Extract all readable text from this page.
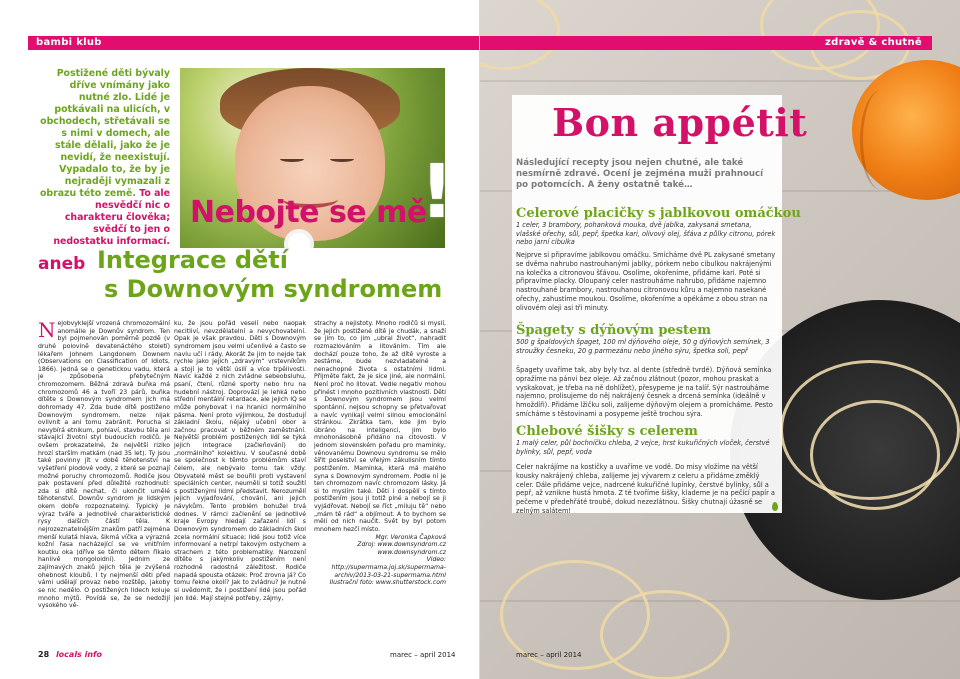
bambi klub
Postižené děti bývaly dříve vnímány jako nutné zlo. Lidé je potkávali na ulicích, v obchodech, střetávali se s nimi v domech, ale stále dělali, jako že je nevidí, že neexistují. Vypadalo to, že by je nejraději vymazali z obrazu této země. To ale nesvědčí nic o charakteru člověka; svědčí to jen o nedostatku informací.
!
Nebojte se mě
aneb Integrace dětí
s Downovým syndromem
N ejobvyklejší vrozená chromozomální anomálie je Downův syndrom. Ten byl pojmenován poměrně pozdě (v druhé polovině devatenáctého století) lékařem Johnem Langdonem Downem (Observations on Classification of Idiots, 1866). Jedná se o genetickou vadu, která je způsobena přebytečným chromozomem. Běžná zdravá buňka má chromozomů 46 a tvoří 23 párů, buňka dítěte s Downovým syndromem jich má dohromady 47. Zda bude dítě postiženo Downovým syndromem, nelze nijak ovlivnit a ani tomu zabránit. Porucha si nevybírá etnikum, pohlaví, stavbu těla ani stávající životní styl budoucích rodičů. Je ovšem prokazatelné, že největší riziko hrozí starším matkám (nad 35 let). Ty jsou také povinny jít v době těhotenství na vyšetření plodové vody, z které se poznají možné poruchy chromozomů. Rodiče jsou pak postaveni před důležité rozhodnutí: zda si dítě nechat, či ukončit umělé těhotenství. Downův syndrom je lidským okem dobře rozpoznatelný. Typický je výraz tváře a jednotlivé charakteristické rysy dalších částí těla. K nejrozeznatelnějším znakům patří zejména menší kulatá hlava, šikmá víčka a výrazná kožní řasa nacházející se ve vnitřním koutku oka (dříve se těmto dětem říkalo hanlivě mongoloidní). Jednim ze zajímavých znaků jejich těla je zvýšená ohebnost kloubů. I ty nejmenší děti před vámi udělají provaz nebo rozštěp, jakoby se nic nedělo. O postižených lidech koluje mnoho mýtů. Povídá se, že se nedožijí vysokého vě-

ku, že jsou pořád veselí nebo naopak necitliví, nevzdělatelní a nevychovatelní. Opak je však pravdou. Děti s Downovým syndromem jsou velmi učenlivé a často se naviu učí i rády. Akorát že jim to nejde tak rychle jako jejich „zdravým“ vrstevníkům a stojí je to větší úsilí a více trpělivosti. Navíc každé z nich zvládne sebeobsluhu, psaní, čtení, různé sporty nebo hru na hudební nástroj. Doprovází je lehká nebo střední mentální retardace, ale jejich IQ se může pohybovat i na hranici normálního pásma. Není proto výjimkou, že dostudují základní školu, nějaký učební obor a začnou pracovat v běžném zaměstnání. Největší problém postižených lidí se týká jejich integrace (začleňování) do „normálního“ kolektivu. V současné době se společnost k těmto problémům staví čelem, ale nebývalo tomu tak vždy. Obyvatelé měst se bouřili proti vystavení speciálních center, neuměli si totiž soužití s postiženými lidmi představit. Nerozumělí jejich vyjadřování, chování, ani jejich návykům. Tento problém bohužel trvá dodnes. V rámci začlenění se jednotlivé kraje Evropy hledají zařazení lidí s Downovým syndromem do základních škol zcela normální situace; lidé jsou totiž více informovaní a netrpí takovým ostychem a strachem z této problematiky. Narození dítěte s jakýmkoliv postižením není rozhodně radostná záležitost. Rodiče napadá spousta otázek: Proč zrovna já? Co tomu řekne okolí? Jak to zvládnu? Je nutné si uvědomit, že i postižení lidé jsou pořád jen lidé. Mají stejné potřeby, zájmy,

strachy a nejistoty. Mnoho rodičů si myslí, že jejich postižené dítě je chudák, a snaží se jim to, co jim „ubral život“, nahradit rozmazlováním a litováním. Tím ale dochází pouze toho, že až dítě vyroste a zestárne, bude nezvladatelné a nenachopné života s ostatními lidmi. Přijměte fakt, že je sice jiné, ale normální. Není proč ho litovat. Vedle negativ mohou přinést i mnoho pozitivních vlastností. Děti s Downovým syndromem jsou velmi spontánní, nejsou schopny se přetvařovat a navíc vynikají velmi silnou emocionální stránkou. Zkrátka tam, kde jim bylo úbráno na inteligenci, jim bylo mnohonásobně přidáno na citovosti. V jednom slovenském pořadu pro maminky, věnovanému Downovu syndromu se mělo šířit poselství se vřelým zákulisním tímto postižením. Maminka, která má malého syna s Downovým syndromem. Podle ní je ten chromozom navíc chromozom lásky. Já si to myslím také. Děti i dospělí s tímto postižením jsou ji totiž plné a nebojí se ji vyjádřovat. Nebojí se říct „miluju tě“ nebo „mám tě rád“ a objímout. A to bychom se měli od nich naučit. Svět by byl potom mnohem hezčí místo.

Mgr. Veronika Čapková
Zdroj: www.downsyndrom.cz
www.downsyndrom.cz
Video:
http://supermama.joj.sk/supermama-archiv/2013-03-21-supermama.html
Ilustrační foto: www.shutterstock.com
28 locals info	marec – april 2014
zdravě & chutně
Bon appétit
Následující recepty jsou nejen chutné, ale také nesmírně zdravé. Ocení je zejména muži prahnoucí po potomcích. A ženy ostatně také…
Celerové placičky s jablkovou omáčkou
1 celer, 3 brambory, pohanková mouka, dvě jablka, zakysaná smetana, vlašské ořechy, sůl, pepř, špetka kari, olivový olej, šťáva z půlky citronu, pórek nebo jarní cibulka
Nejprve si připravíme jablkovou omáčku. Smícháme dvě PL zakysané smetany se dvěma nahrubo nastrouhanými jablky, pórkem nebo cibulkou nakrájenými na kolečka a citronovou šťávou. Osolíme, okořeníme, přidáme kari. Poté si připravíme placky. Oloupaný celer nastrouháme nahrubo, přidáme najemno nastrouhané brambory, nastrouhanou citronovou kůru a najemno nasekané ořechy, zahustíme moukou. Osolíme, okořeníme a opékáme z obou stran na olivovém oleji asi tři minuty.
Špagety s dýňovým pestem
500 g špaldových špaget, 100 ml dýňového oleje, 50 g dýňových semínek, 3 stroužky česneku, 20 g parmezánu nebo jiného sýru, špetka soli, pepř
Špagety uvaříme tak, aby byly tvz. al dente (středně tvrdé). Dýňová semínka opražíme na pánvi bez oleje. Až začnou zlátnout (pozor, mohou praskat a vyskakovat, je třeba na ně dohlížet), přesypeme je na talíř. Sýr nastrouháme najemno, prolisujeme do něj nakrájený česnek a drcená semínka (ideálně v hmoždíři). Přidáme lžičku soli, zalijeme dýňovým olejem a promícháme. Pesto smícháme s těstovinami a posypeme ještě trochou sýra.
Chlebové šišky s celerem
1 malý celer, půl bochníčku chleba, 2 vejce, hrst kukuřičných vloček, čerstvé bylinky, sůl, pepř, voda
Celer nakrájíme na kostičky a uvaříme ve vodě. Do misy vložíme na větší kousky nakrájený chleba, zalijeme jej vývarem z celeru a přidáme změklý celer. Dále přidáme vejce, nadrcené kukuřičné lupínky, čerstvé bylinky, sůl a pepř, až vznikne hustá hmota. Z té tvoříme šišky, klademe je na pečící papír a pečeme v předehřáté troubě, dokud nezezlátnou. Šišky chutnají úžasně se zelným salátem!
marec – april 2014
